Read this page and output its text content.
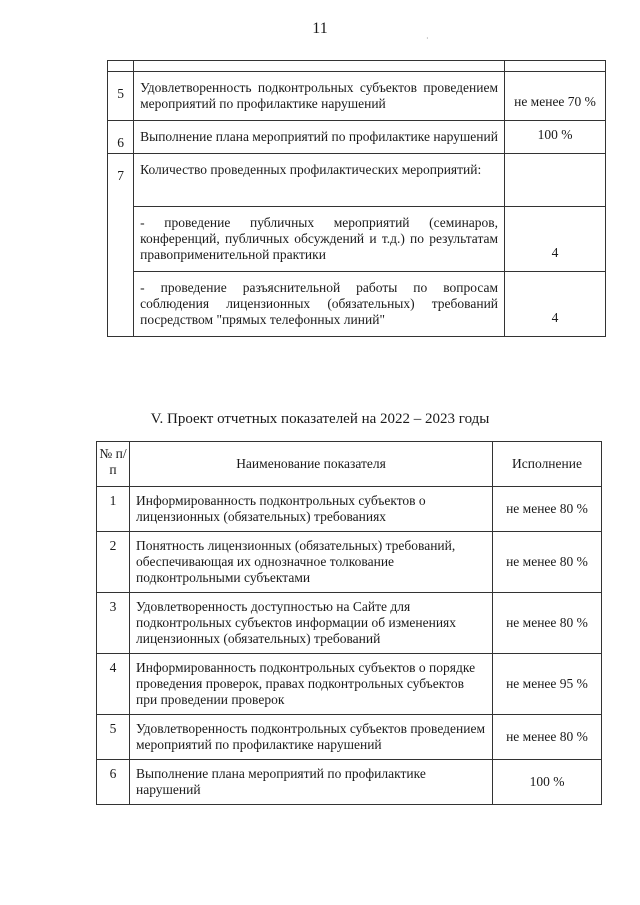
11
·

5	Удовлетворенность подконтрольных субъектов проведением мероприятий по профилактике нарушений	не менее 70 %
6	Выполнение плана мероприятий по профилактике нарушений	100 %
7	Количество проведенных профилактических мероприятий:	
	- проведение публичных мероприятий (семинаров, конференций, публичных обсуждений и т.д.) по результатам правоприменительной практики	4
	- проведение разъяснительной работы по вопросам соблюдения лицензионных (обязательных) требований посредством "прямых телефонных линий"	4
V. Проект отчетных показателей на 2022 – 2023 годы
№ п/п	Наименование показателя	Исполнение
1	Информированность подконтрольных субъектов о лицензионных (обязательных) требованиях	не менее 80 %
2	Понятность лицензионных (обязательных) требований, обеспечивающая их однозначное толкование подконтрольными субъектами	не менее 80 %
3	Удовлетворенность доступностью на Сайте для подконтрольных субъектов информации об изменениях лицензионных (обязательных) требований	не менее 80 %
4	Информированность подконтрольных субъектов о порядке проведения проверок, правах подконтрольных субъектов при проведении проверок	не менее 95 %
5	Удовлетворенность подконтрольных субъектов проведением мероприятий по профилактике нарушений	не менее 80 %
6	Выполнение плана мероприятий по профилактике нарушений	100 %
